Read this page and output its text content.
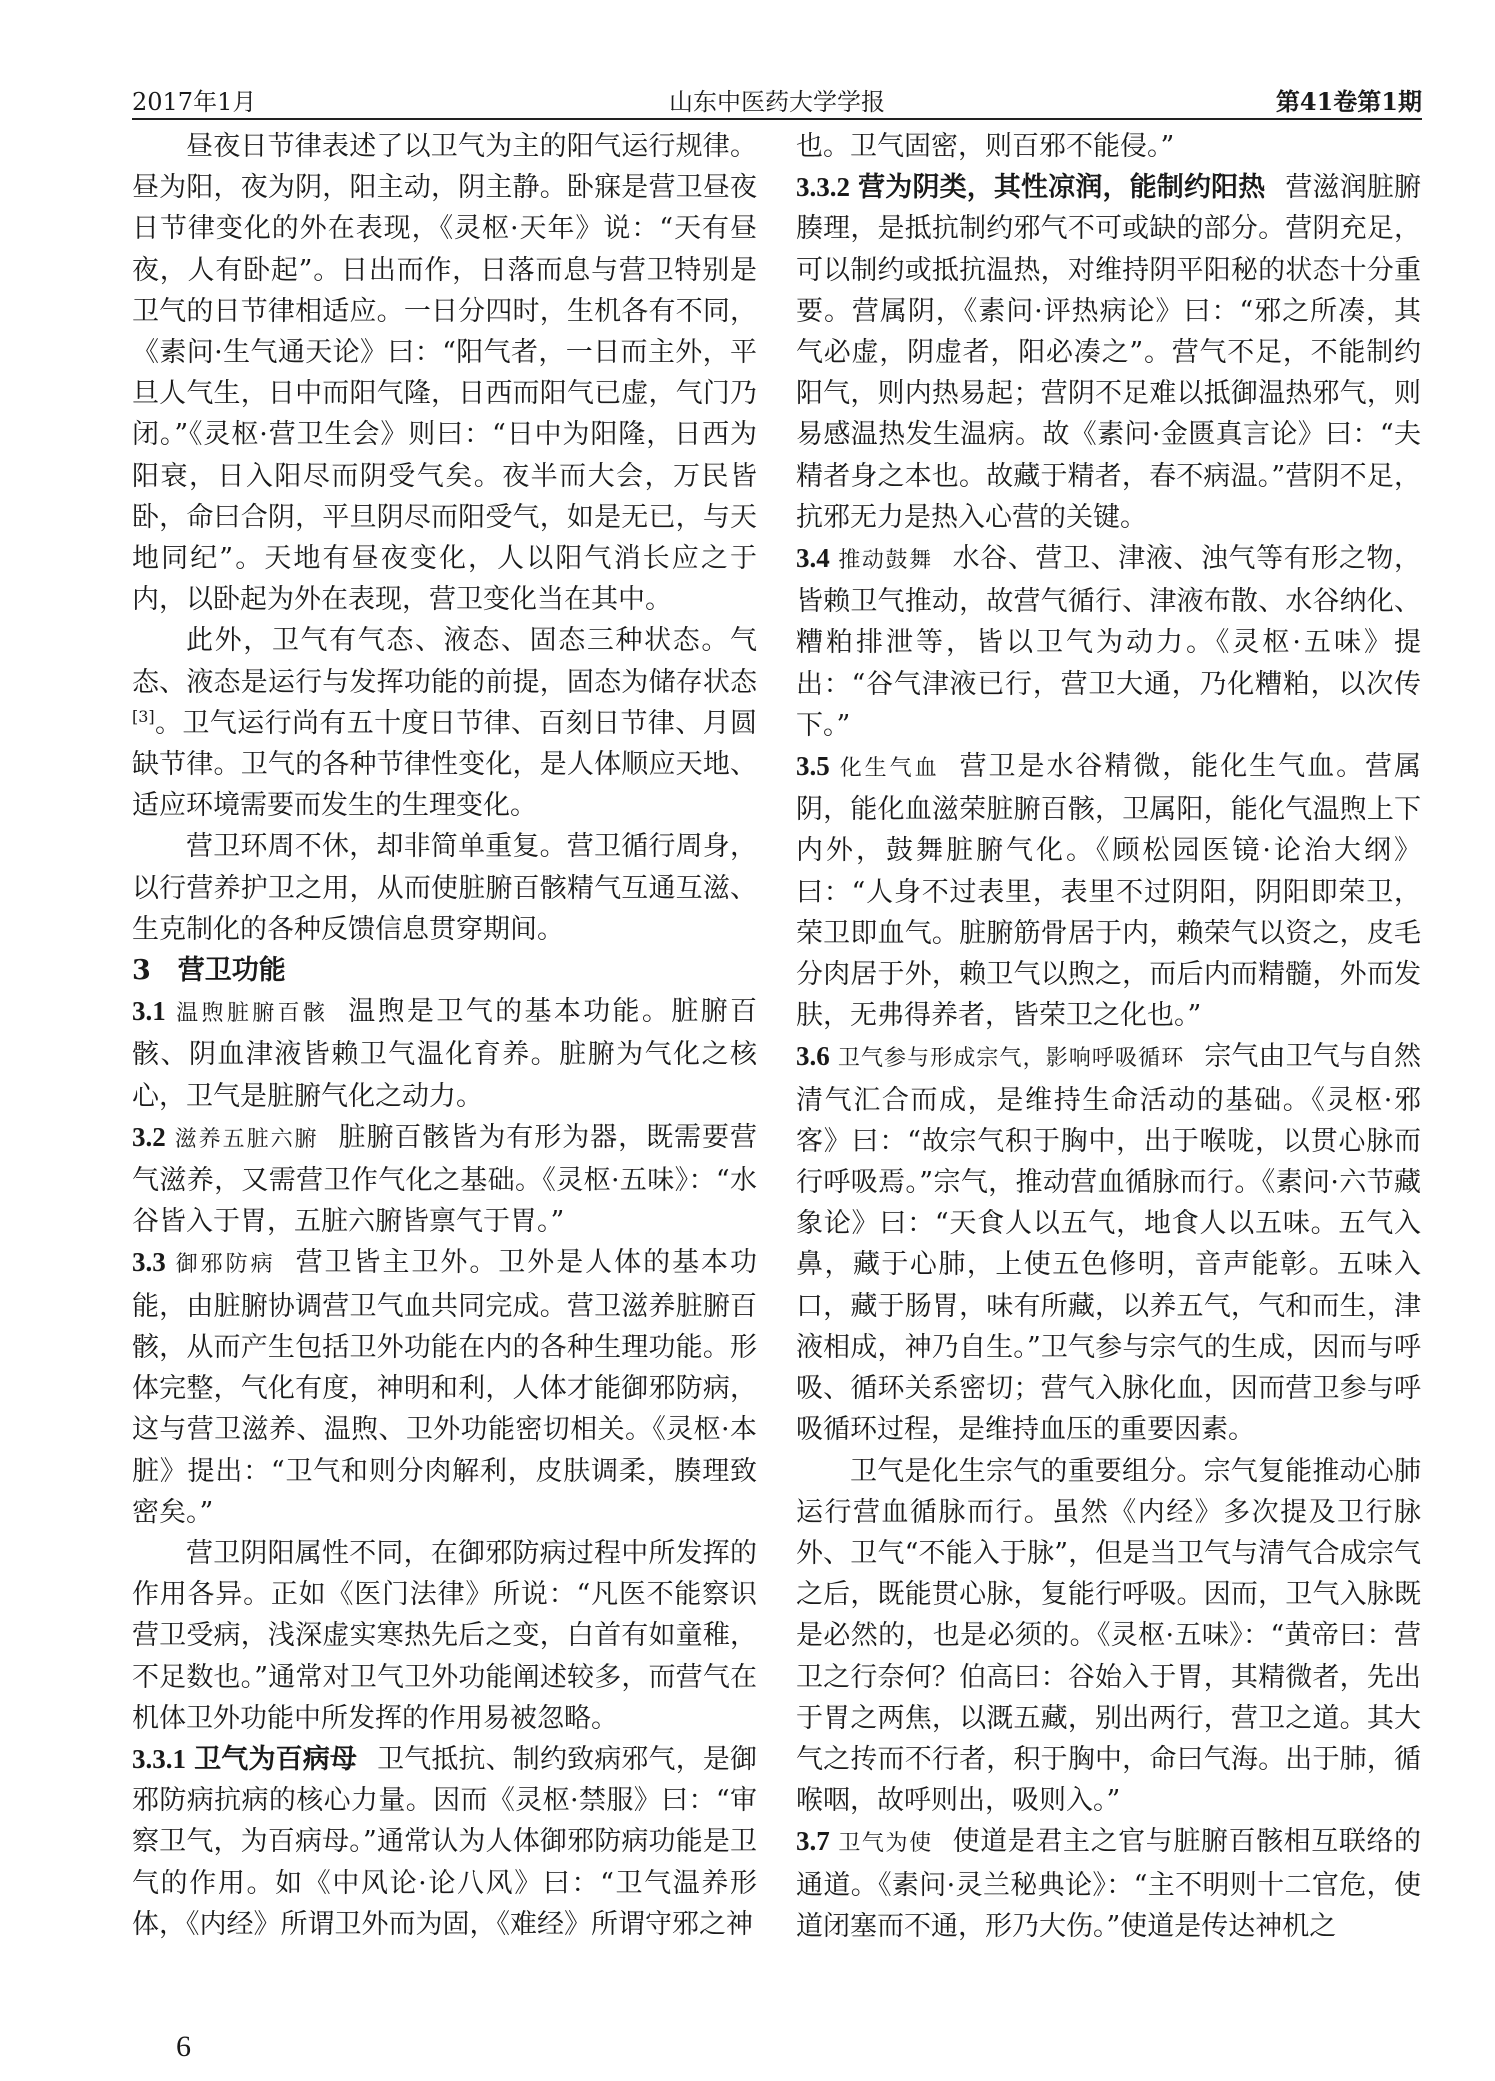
2017年1月	山东中医药大学学报	第41卷第1期

昼夜日节律表述了以卫气为主的阳气运行规律。昼为阳，夜为阴，阳主动，阴主静。卧寐是营卫昼夜日节律变化的外在表现，《灵枢·天年》说：“天有昼夜，人有卧起”。日出而作，日落而息与营卫特别是卫气的日节律相适应。一日分四时，生机各有不同，《素问·生气通天论》曰：“阳气者，一日而主外，平旦人气生，日中而阳气隆，日西而阳气已虚，气门乃闭。”《灵枢·营卫生会》则曰：“日中为阳隆，日西为阳衰，日入阳尽而阴受气矣。夜半而大会，万民皆卧，命曰合阴，平旦阴尽而阳受气，如是无已，与天地同纪”。天地有昼夜变化，人以阳气消长应之于内，以卧起为外在表现，营卫变化当在其中。

此外，卫气有气态、液态、固态三种状态。气态、液态是运行与发挥功能的前提，固态为储存状态[3]。卫气运行尚有五十度日节律、百刻日节律、月圆缺节律。卫气的各种节律性变化，是人体顺应天地、适应环境需要而发生的生理变化。

营卫环周不休，却非简单重复。营卫循行周身，以行营养护卫之用，从而使脏腑百骸精气互通互滋、生克制化的各种反馈信息贯穿期间。

3　营卫功能

3.1 温煦脏腑百骸 温煦是卫气的基本功能。脏腑百骸、阴血津液皆赖卫气温化育养。脏腑为气化之核心，卫气是脏腑气化之动力。

3.2 滋养五脏六腑 脏腑百骸皆为有形为器，既需要营气滋养，又需营卫作气化之基础。《灵枢·五味》：“水谷皆入于胃，五脏六腑皆禀气于胃。”

3.3 御邪防病 营卫皆主卫外。卫外是人体的基本功能，由脏腑协调营卫气血共同完成。营卫滋养脏腑百骸，从而产生包括卫外功能在内的各种生理功能。形体完整，气化有度，神明和利，人体才能御邪防病，这与营卫滋养、温煦、卫外功能密切相关。《灵枢·本脏》提出：“卫气和则分肉解利，皮肤调柔，腠理致密矣。”

营卫阴阳属性不同，在御邪防病过程中所发挥的作用各异。正如《医门法律》所说：“凡医不能察识营卫受病，浅深虚实寒热先后之变，白首有如童稚，不足数也。”通常对卫气卫外功能阐述较多，而营气在机体卫外功能中所发挥的作用易被忽略。

3.3.1 卫气为百病母 卫气抵抗、制约致病邪气，是御邪防病抗病的核心力量。因而《灵枢·禁服》曰：“审察卫气，为百病母。”通常认为人体御邪防病功能是卫气的作用。如《中风论·论八风》曰：“卫气温养形体，《内经》所谓卫外而为固，《难经》所谓守邪之神

也。卫气固密，则百邪不能侵。”

3.3.2 营为阴类，其性凉润，能制约阳热 营滋润脏腑腠理，是抵抗制约邪气不可或缺的部分。营阴充足，可以制约或抵抗温热，对维持阴平阳秘的状态十分重要。营属阴，《素问·评热病论》曰：“邪之所凑，其气必虚，阴虚者，阳必凑之”。营气不足，不能制约阳气，则内热易起；营阴不足难以抵御温热邪气，则易感温热发生温病。故《素问·金匮真言论》曰：“夫精者身之本也。故藏于精者，春不病温。”营阴不足，抗邪无力是热入心营的关键。

3.4 推动鼓舞 水谷、营卫、津液、浊气等有形之物，皆赖卫气推动，故营气循行、津液布散、水谷纳化、糟粕排泄等，皆以卫气为动力。《灵枢·五味》提出：“谷气津液已行，营卫大通，乃化糟粕，以次传下。”

3.5 化生气血 营卫是水谷精微，能化生气血。营属阴，能化血滋荣脏腑百骸，卫属阳，能化气温煦上下内外，鼓舞脏腑气化。《顾松园医镜·论治大纲》曰：“人身不过表里，表里不过阴阳，阴阳即荣卫，荣卫即血气。脏腑筋骨居于内，赖荣气以资之，皮毛分肉居于外，赖卫气以煦之，而后内而精髓，外而发肤，无弗得养者，皆荣卫之化也。”

3.6 卫气参与形成宗气，影响呼吸循环 宗气由卫气与自然清气汇合而成，是维持生命活动的基础。《灵枢·邪客》曰：“故宗气积于胸中，出于喉咙，以贯心脉而行呼吸焉。”宗气，推动营血循脉而行。《素问·六节藏象论》曰：“天食人以五气，地食人以五味。五气入鼻，藏于心肺，上使五色修明，音声能彰。五味入口，藏于肠胃，味有所藏，以养五气，气和而生，津液相成，神乃自生。”卫气参与宗气的生成，因而与呼吸、循环关系密切；营气入脉化血，因而营卫参与呼吸循环过程，是维持血压的重要因素。

卫气是化生宗气的重要组分。宗气复能推动心肺运行营血循脉而行。虽然《内经》多次提及卫行脉外、卫气“不能入于脉”，但是当卫气与清气合成宗气之后，既能贯心脉，复能行呼吸。因而，卫气入脉既是必然的，也是必须的。《灵枢·五味》：“黄帝曰：营卫之行奈何？伯高曰：谷始入于胃，其精微者，先出于胃之两焦，以溉五藏，别出两行，营卫之道。其大气之抟而不行者，积于胸中，命曰气海。出于肺，循喉咽，故呼则出，吸则入。”

3.7 卫气为使 使道是君主之官与脏腑百骸相互联络的通道。《素问·灵兰秘典论》：“主不明则十二官危，使道闭塞而不通，形乃大伤。”使道是传达神机之

6
